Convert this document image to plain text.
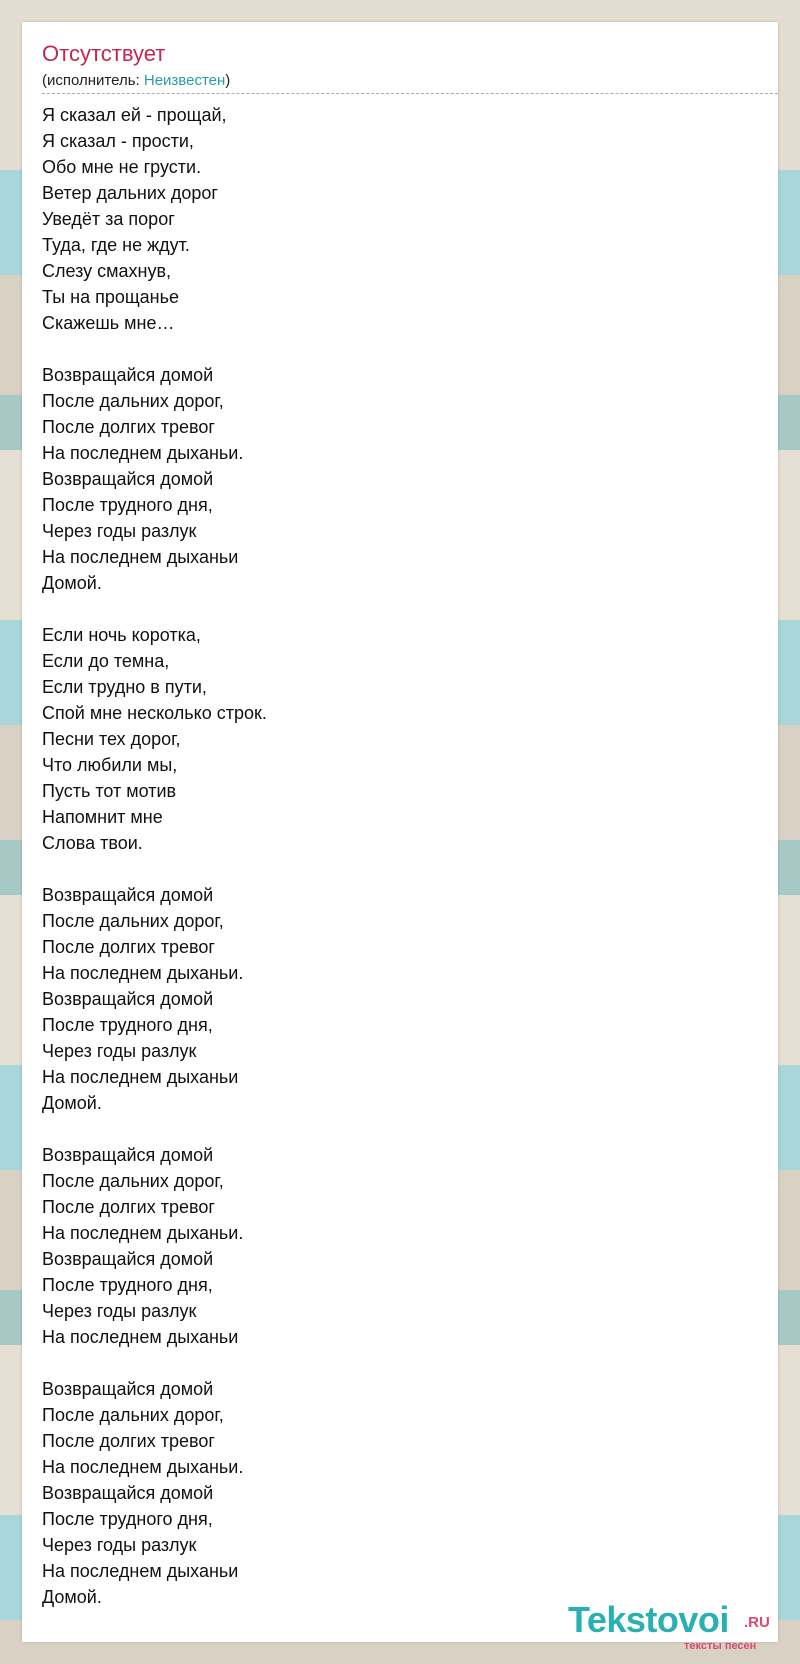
Отсутствует
(исполнитель: Неизвестен)
Я сказал ей - прощай,
Я сказал - прости,
Обо мне не грусти.
Ветер дальних дорог
Уведёт за порог
Туда, где не ждут.
Слезу смахнув,
Ты на прощанье
Скажешь мне…
Возвращайся домой
После дальних дорог,
После долгих тревог
На последнем дыханьи.
Возвращайся домой
После трудного дня,
Через годы разлук
На последнем дыханьи
Домой.
Если ночь коротка,
Если до темна,
Если трудно в пути,
Спой мне несколько строк.
Песни тех дорог,
Что любили мы,
Пусть тот мотив
Напомнит мне
Слова твои.
Возвращайся домой
После дальних дорог,
После долгих тревог
На последнем дыханьи.
Возвращайся домой
После трудного дня,
Через годы разлук
На последнем дыханьи
Домой.
Возвращайся домой
После дальних дорог,
После долгих тревог
На последнем дыханьи.
Возвращайся домой
После трудного дня,
Через годы разлук
На последнем дыханьи
Возвращайся домой
После дальних дорог,
После долгих тревог
На последнем дыханьи.
Возвращайся домой
После трудного дня,
Через годы разлук
На последнем дыханьи
Домой.
Tekstovoi .RU
тексты песен
